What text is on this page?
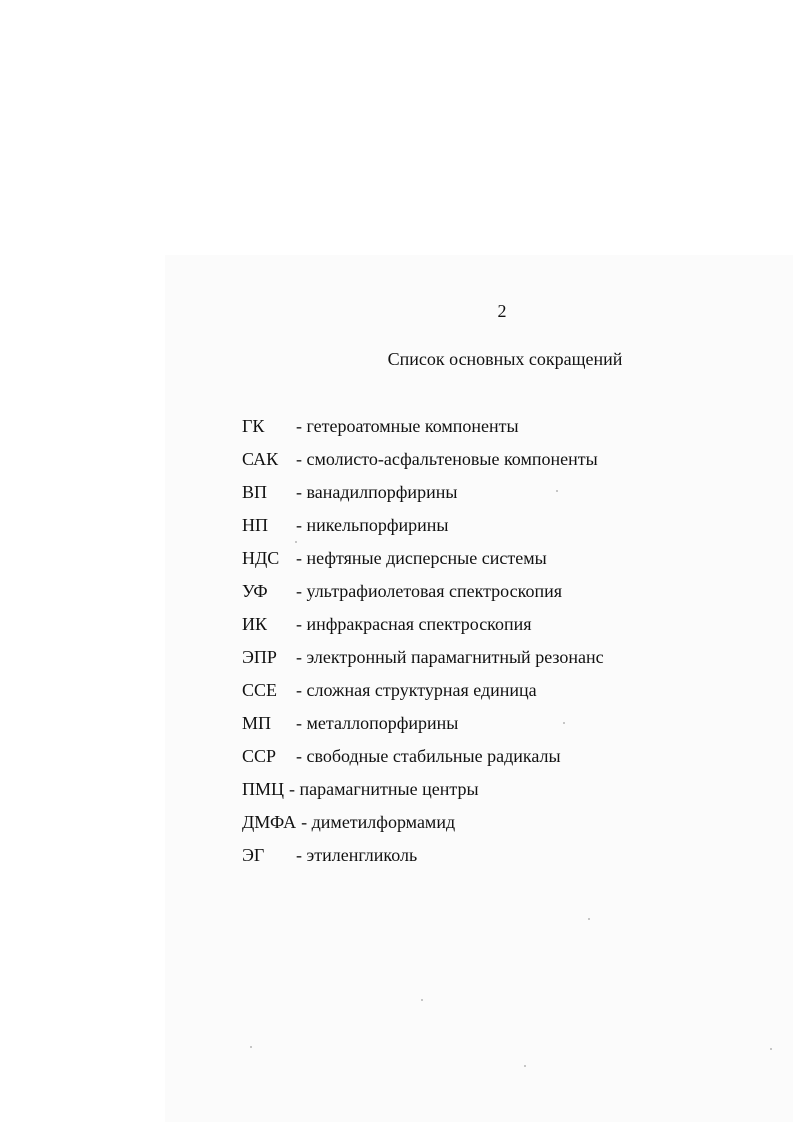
2
Список основных сокращений
ГК	- гетероатомные компоненты
САК - смолисто-асфальтеновые компоненты
ВП	- ванадилпорфирины
НП	- никельпорфирины
НДС - нефтяные дисперсные системы
УФ	- ультрафиолетовая спектроскопия
ИК	- инфракрасная спектроскопия
ЭПР	- электронный парамагнитный резонанс
ССЕ	- сложная структурная единица
МП	- металлопорфирины
ССР	- свободные стабильные радикалы
ПМЦ - парамагнитные центры
ДМФА - диметилформамид
ЭГ	- этиленгликоль
